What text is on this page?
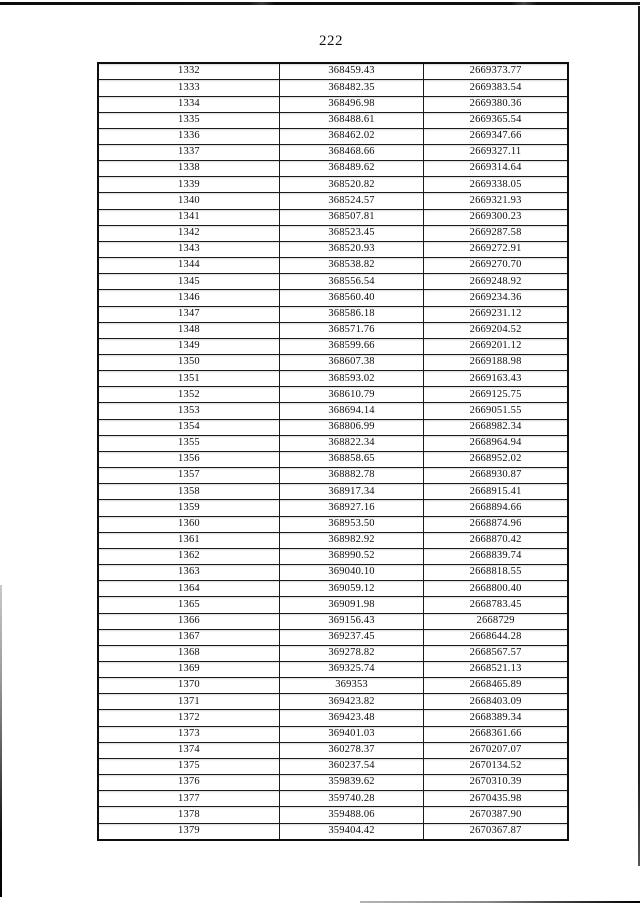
222
1332	368459.43	2669373.77
1333	368482.35	2669383.54
1334	368496.98	2669380.36
1335	368488.61	2669365.54
1336	368462.02	2669347.66
1337	368468.66	2669327.11
1338	368489.62	2669314.64
1339	368520.82	2669338.05
1340	368524.57	2669321.93
1341	368507.81	2669300.23
1342	368523.45	2669287.58
1343	368520.93	2669272.91
1344	368538.82	2669270.70
1345	368556.54	2669248.92
1346	368560.40	2669234.36
1347	368586.18	2669231.12
1348	368571.76	2669204.52
1349	368599.66	2669201.12
1350	368607.38	2669188.98
1351	368593.02	2669163.43
1352	368610.79	2669125.75
1353	368694.14	2669051.55
1354	368806.99	2668982.34
1355	368822.34	2668964.94
1356	368858.65	2668952.02
1357	368882.78	2668930.87
1358	368917.34	2668915.41
1359	368927.16	2668894.66
1360	368953.50	2668874.96
1361	368982.92	2668870.42
1362	368990.52	2668839.74
1363	369040.10	2668818.55
1364	369059.12	2668800.40
1365	369091.98	2668783.45
1366	369156.43	2668729
1367	369237.45	2668644.28
1368	369278.82	2668567.57
1369	369325.74	2668521.13
1370	369353	2668465.89
1371	369423.82	2668403.09
1372	369423.48	2668389.34
1373	369401.03	2668361.66
1374	360278.37	2670207.07
1375	360237.54	2670134.52
1376	359839.62	2670310.39
1377	359740.28	2670435.98
1378	359488.06	2670387.90
1379	359404.42	2670367.87
